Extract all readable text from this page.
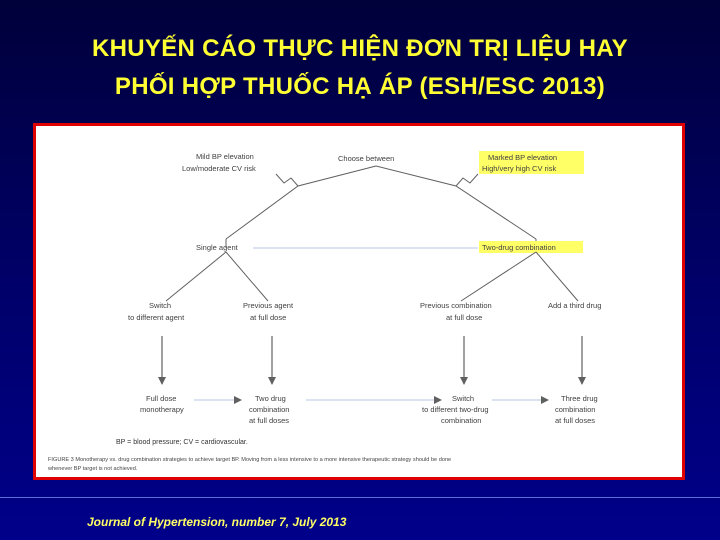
KHUYẾN CÁO THỰC HIỆN ĐƠN TRỊ LIỆU HAY
PHỐI HỢP THUỐC HẠ ÁP (ESH/ESC 2013)
Mild BP elevation
Low/moderate CV risk
Choose between	Marked BP elevation
High/very high CV risk
Single agent	Two-drug combination
Switch
to different agent
Previous agent
at full dose
Previous combination
at full dose
Add a third drug
Full dose
monotherapy
Two drug
combination
at full doses
Switch
to different two-drug
combination
Three drug
combination
at full doses
BP = blood pressure; CV = cardiovascular.
FIGURE 3 Monotherapy vs. drug combination strategies to achieve target BP. Moving from a less intensive to a more intensive therapeutic strategy should be done
whenever BP target is not achieved.
Journal of Hypertension, number 7, July 2013
